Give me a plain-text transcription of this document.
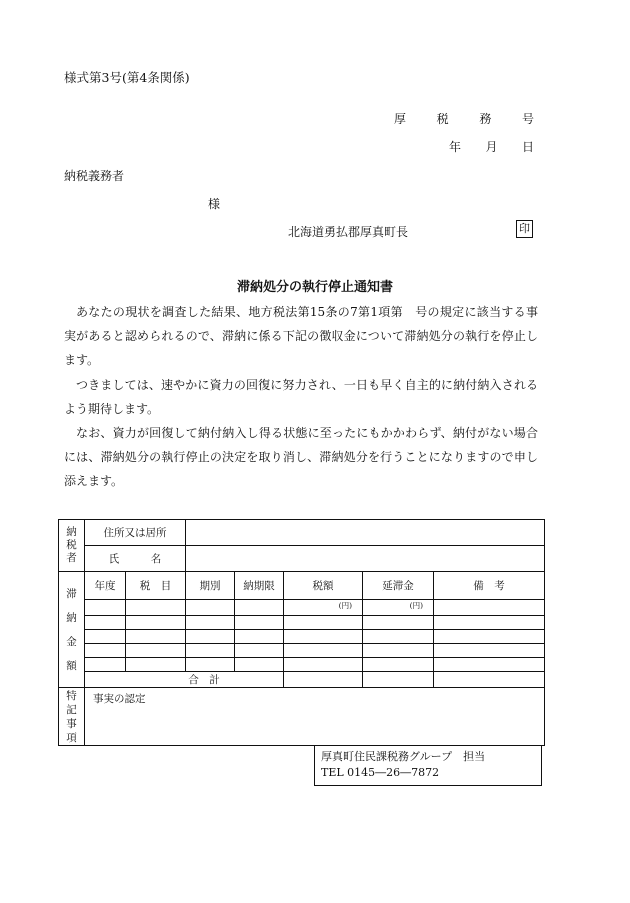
様式第3号(第4条関係)
厚	税	務	号
年 月 日
納税義務者
様
北海道勇払郡厚真町長	印
滞納処分の執行停止通知書

あなたの現状を調査した結果、地方税法第15条の7第1項第　号の規定に該当する事実があると認められるので、滞納に係る下記の徴収金について滞納処分の執行を停止します。

つきましては、速やかに資力の回復に努力され、一日も早く自主的に納付納入されるよう期待します。

なお、資力が回復して納付納入し得る状態に至ったにもかかわらず、納付がない場合には、滞納処分の執行停止の決定を取り消し、滞納処分を行うことになりますので申し添えます。

納税者	住所又は居所						
	氏　　　名						

滞納金額	年度	税　目	期別	納期限	税額	延滞金	備　考
					(円)	(円)	

	合　計						

特記事項	事実の認定						
厚真町住民課税務グループ　担当
TEL 0145―26―7872
